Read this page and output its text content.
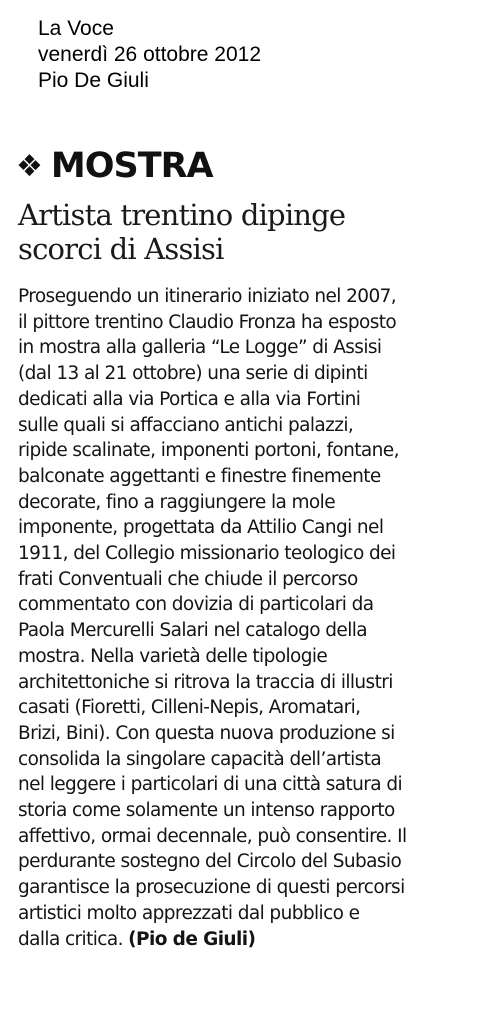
La Voce
venerdì 26 ottobre 2012
Pio De Giuli
❖ MOSTRA
Artista trentino dipinge
scorci di Assisi
Proseguendo un itinerario iniziato nel 2007,
il pittore trentino Claudio Fronza ha esposto
in mostra alla galleria “Le Logge” di Assisi
(dal 13 al 21 ottobre) una serie di dipinti
dedicati alla via Portica e alla via Fortini
sulle quali si affacciano antichi palazzi,
ripide scalinate, imponenti portoni, fontane,
balconate aggettanti e finestre finemente
decorate, fino a raggiungere la mole
imponente, progettata da Attilio Cangi nel
1911, del Collegio missionario teologico dei
frati Conventuali che chiude il percorso
commentato con dovizia di particolari da
Paola Mercurelli Salari nel catalogo della
mostra. Nella varietà delle tipologie
architettoniche si ritrova la traccia di illustri
casati (Fioretti, Cilleni-Nepis, Aromatari,
Brizi, Bini). Con questa nuova produzione si
consolida la singolare capacità dell’artista
nel leggere i particolari di una città satura di
storia come solamente un intenso rapporto
affettivo, ormai decennale, può consentire. Il
perdurante sostegno del Circolo del Subasio
garantisce la prosecuzione di questi percorsi
artistici molto apprezzati dal pubblico e
dalla critica. (Pio de Giuli)
